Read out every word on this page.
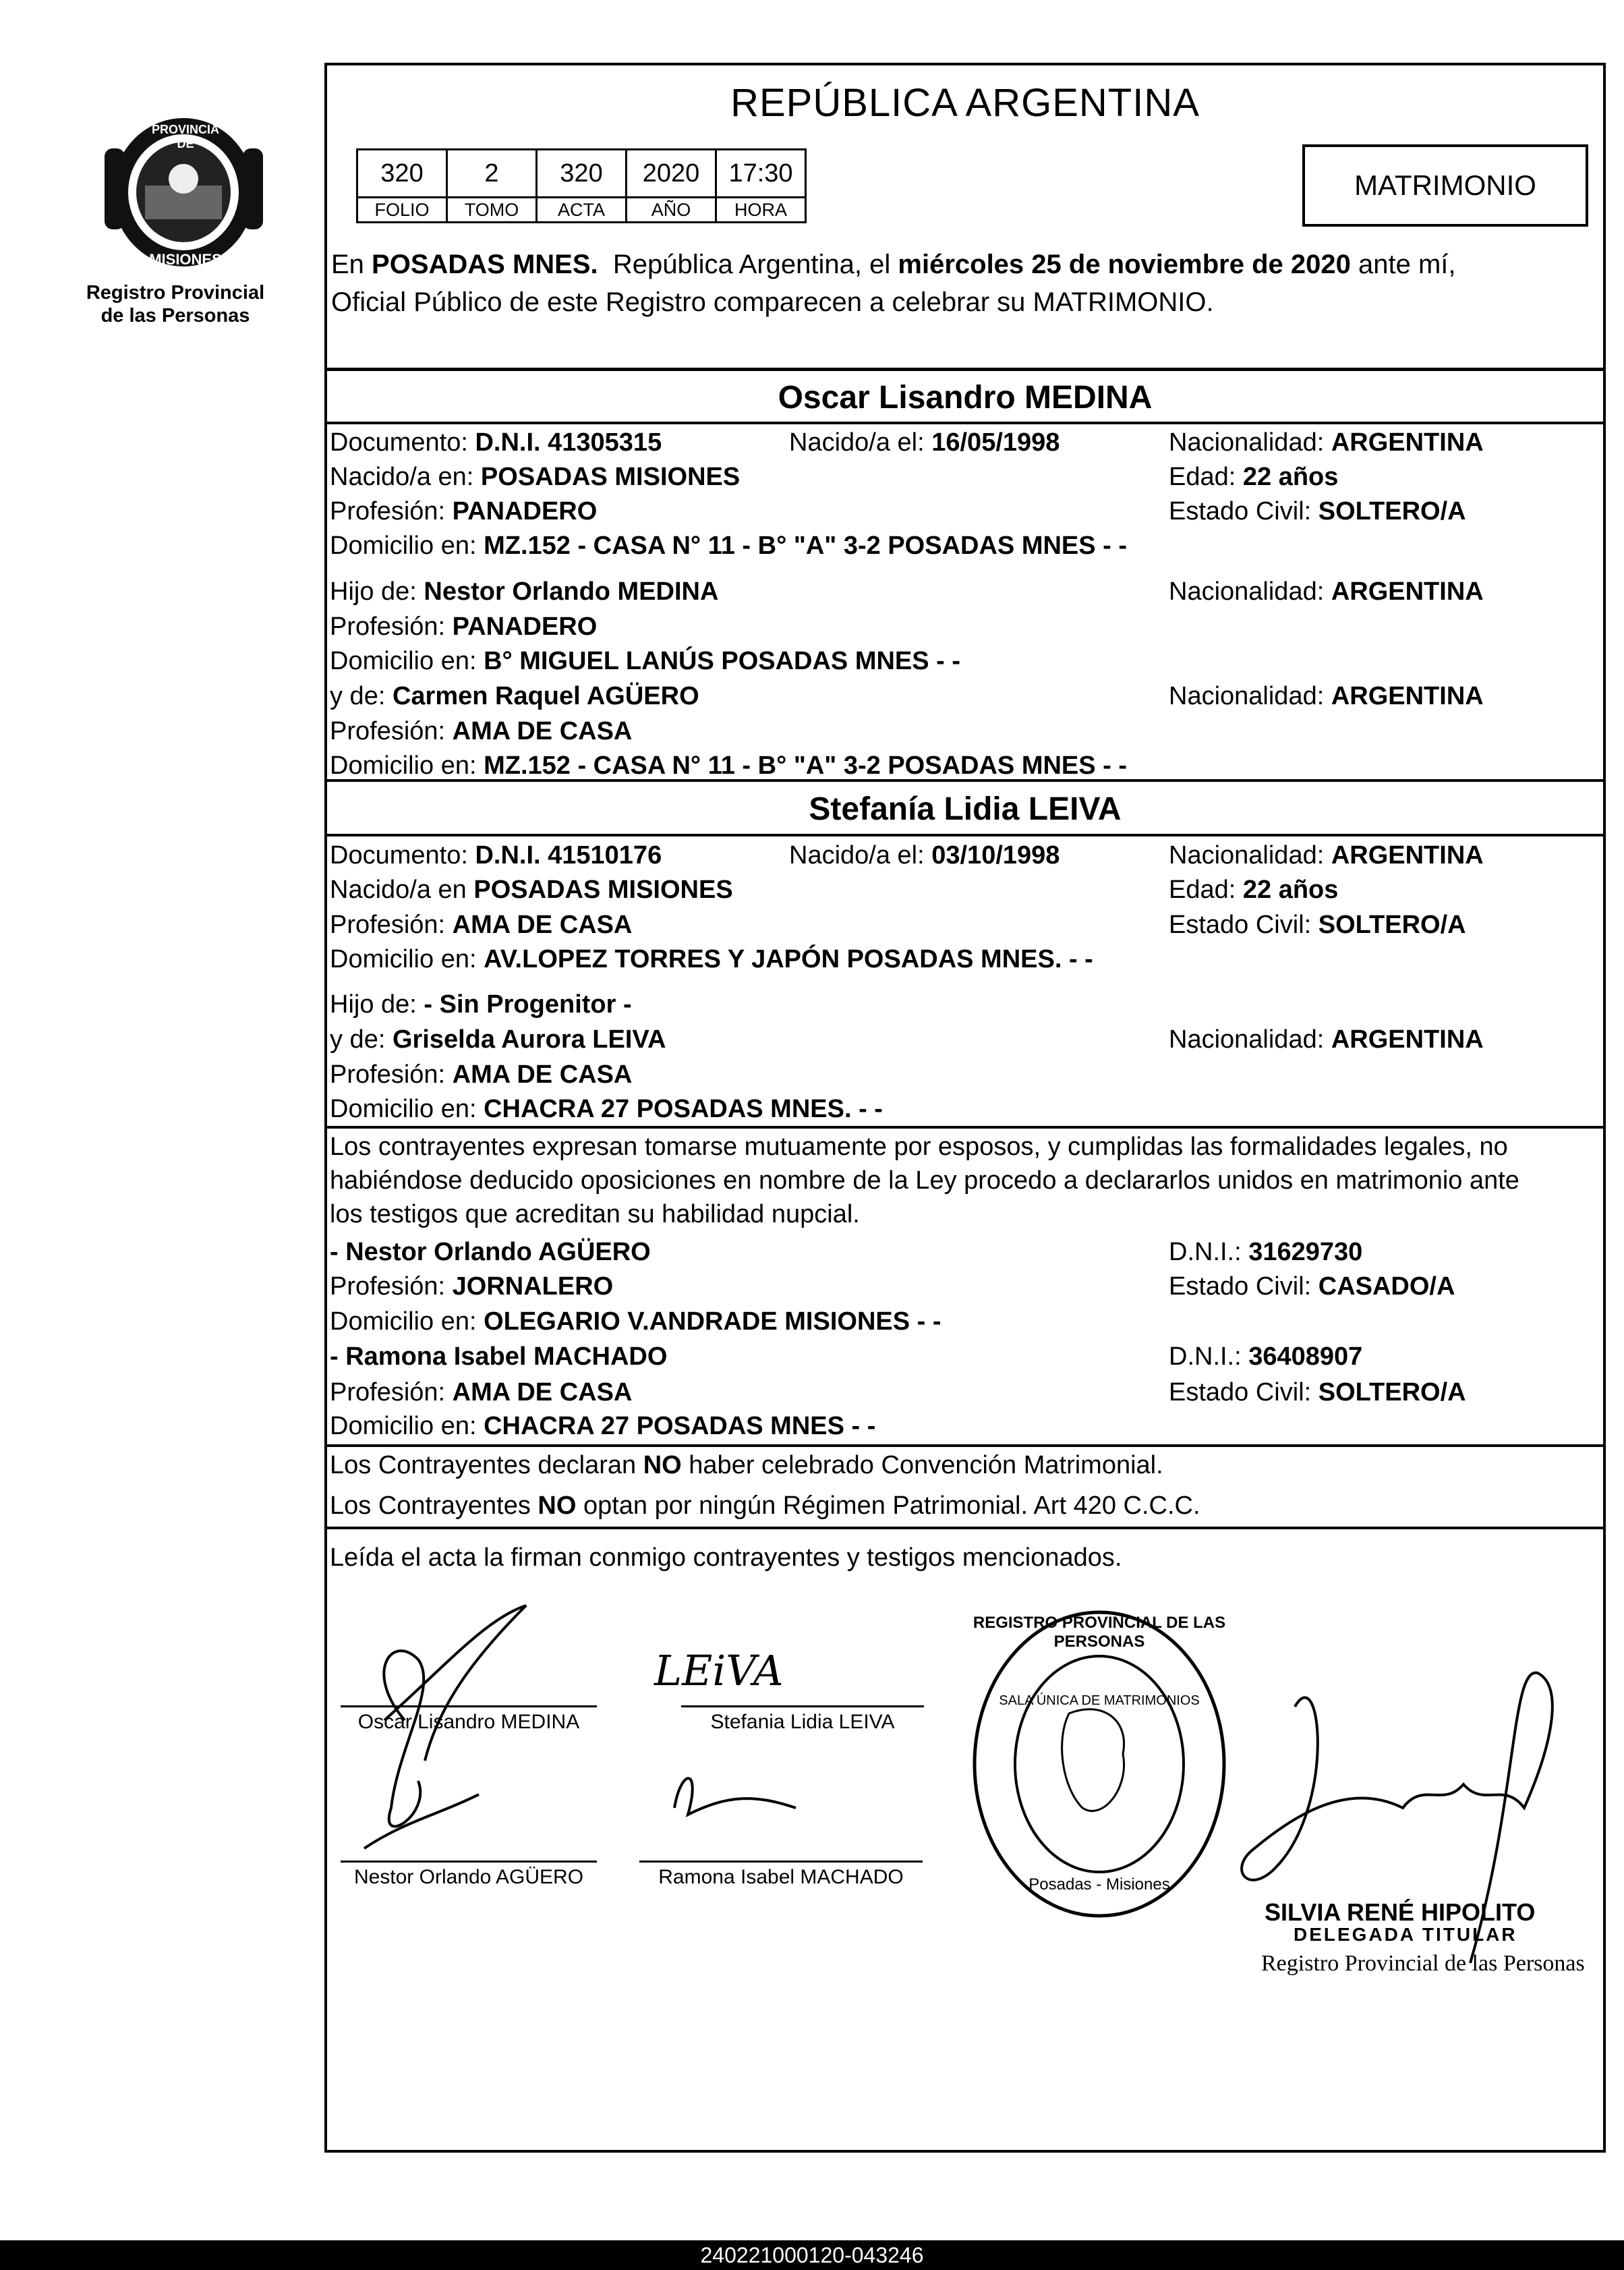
PROVINCIA DE
MISIONES
Registro Provincial
de las Personas
REPÚBLICA ARGENTINA
320	2	320	2020	17:30
FOLIO	TOMO	ACTA	AÑO	HORA
MATRIMONIO
En POSADAS MNES.  República Argentina, el miércoles 25 de noviembre de 2020 ante mí,
Oficial Público de este Registro comparecen a celebrar su MATRIMONIO.
Oscar Lisandro MEDINA
Documento: D.N.I. 41305315	Nacido/a el: 16/05/1998	Nacionalidad: ARGENTINA
Nacido/a en: POSADAS MISIONES	Edad: 22 años
Profesión: PANADERO	Estado Civil: SOLTERO/A
Domicilio en: MZ.152 - CASA N° 11 - B° "A" 3-2 POSADAS MNES - -
Hijo de: Nestor Orlando MEDINA	Nacionalidad: ARGENTINA
Profesión: PANADERO
Domicilio en: B° MIGUEL LANÚS POSADAS MNES - -
y de: Carmen Raquel AGÜERO	Nacionalidad: ARGENTINA
Profesión: AMA DE CASA
Domicilio en: MZ.152 - CASA N° 11 - B° "A" 3-2 POSADAS MNES - -
Stefanía Lidia LEIVA
Documento: D.N.I. 41510176	Nacido/a el: 03/10/1998	Nacionalidad: ARGENTINA
Nacido/a en POSADAS MISIONES	Edad: 22 años
Profesión: AMA DE CASA	Estado Civil: SOLTERO/A
Domicilio en: AV.LOPEZ TORRES Y JAPÓN POSADAS MNES. - -
Hijo de: - Sin Progenitor -
y de: Griselda Aurora LEIVA	Nacionalidad: ARGENTINA
Profesión: AMA DE CASA
Domicilio en: CHACRA 27 POSADAS MNES. - -
Los contrayentes expresan tomarse mutuamente por esposos, y cumplidas las formalidades legales, no
habiéndose deducido oposiciones en nombre de la Ley procedo a declararlos unidos en matrimonio ante
los testigos que acreditan su habilidad nupcial.
- Nestor Orlando AGÜERO	D.N.I.: 31629730
Profesión: JORNALERO	Estado Civil: CASADO/A
Domicilio en: OLEGARIO V.ANDRADE MISIONES - -
- Ramona Isabel MACHADO	D.N.I.: 36408907
Profesión: AMA DE CASA	Estado Civil: SOLTERO/A
Domicilio en: CHACRA 27 POSADAS MNES - -
Los Contrayentes declaran NO haber celebrado Convención Matrimonial.
Los Contrayentes NO optan por ningún Régimen Patrimonial. Art 420 C.C.C.
Leída el acta la firman conmigo contrayentes y testigos mencionados.
LEiVA
Oscar Lisandro MEDINA	Stefania Lidia LEIVA
Nestor Orlando AGÜERO	Ramona Isabel MACHADO
REGISTRO PROVINCIAL DE LAS PERSONAS
SALA ÚNICA DE MATRIMONIOS
Posadas - Misiones
SILVIA RENÉ HIPOLITO
DELEGADA TITULAR
Registro Provincial de las Personas
240221000120-043246
